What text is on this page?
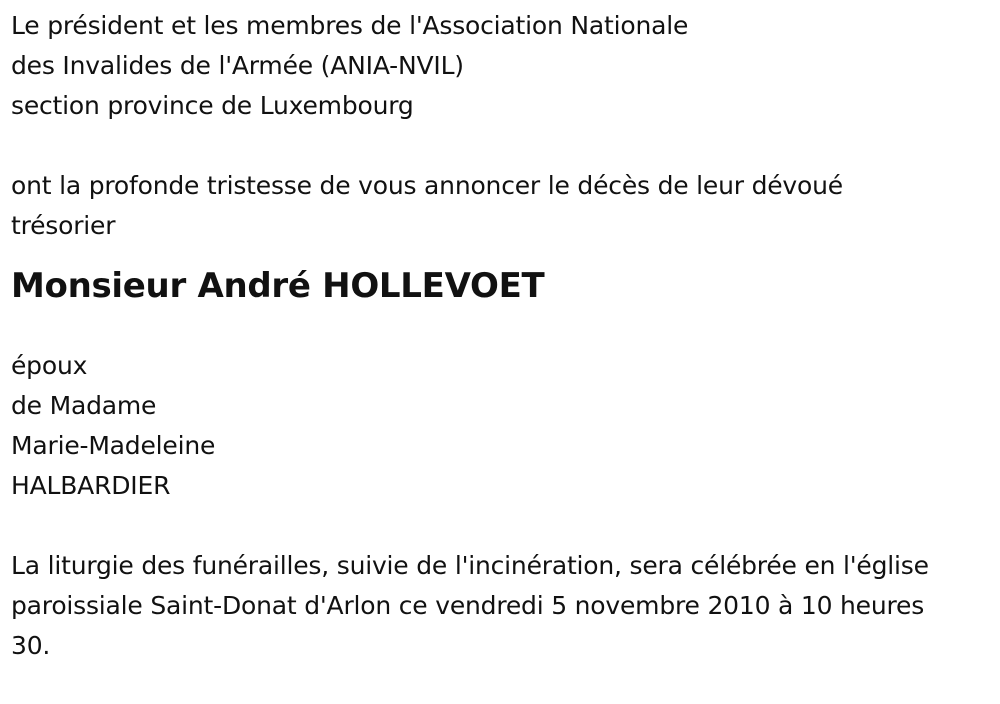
Le président et les membres de l'Association Nationale
des Invalides de l'Armée (ANIA-NVIL)
section province de Luxembourg
ont la profonde tristesse de vous annoncer le décès de leur dévoué
trésorier
Monsieur André HOLLEVOET
époux
de Madame
Marie-Madeleine
HALBARDIER
La liturgie des funérailles, suivie de l'incinération, sera célébrée en l'église
paroissiale Saint-Donat d'Arlon ce vendredi 5 novembre 2010 à 10 heures
30.
